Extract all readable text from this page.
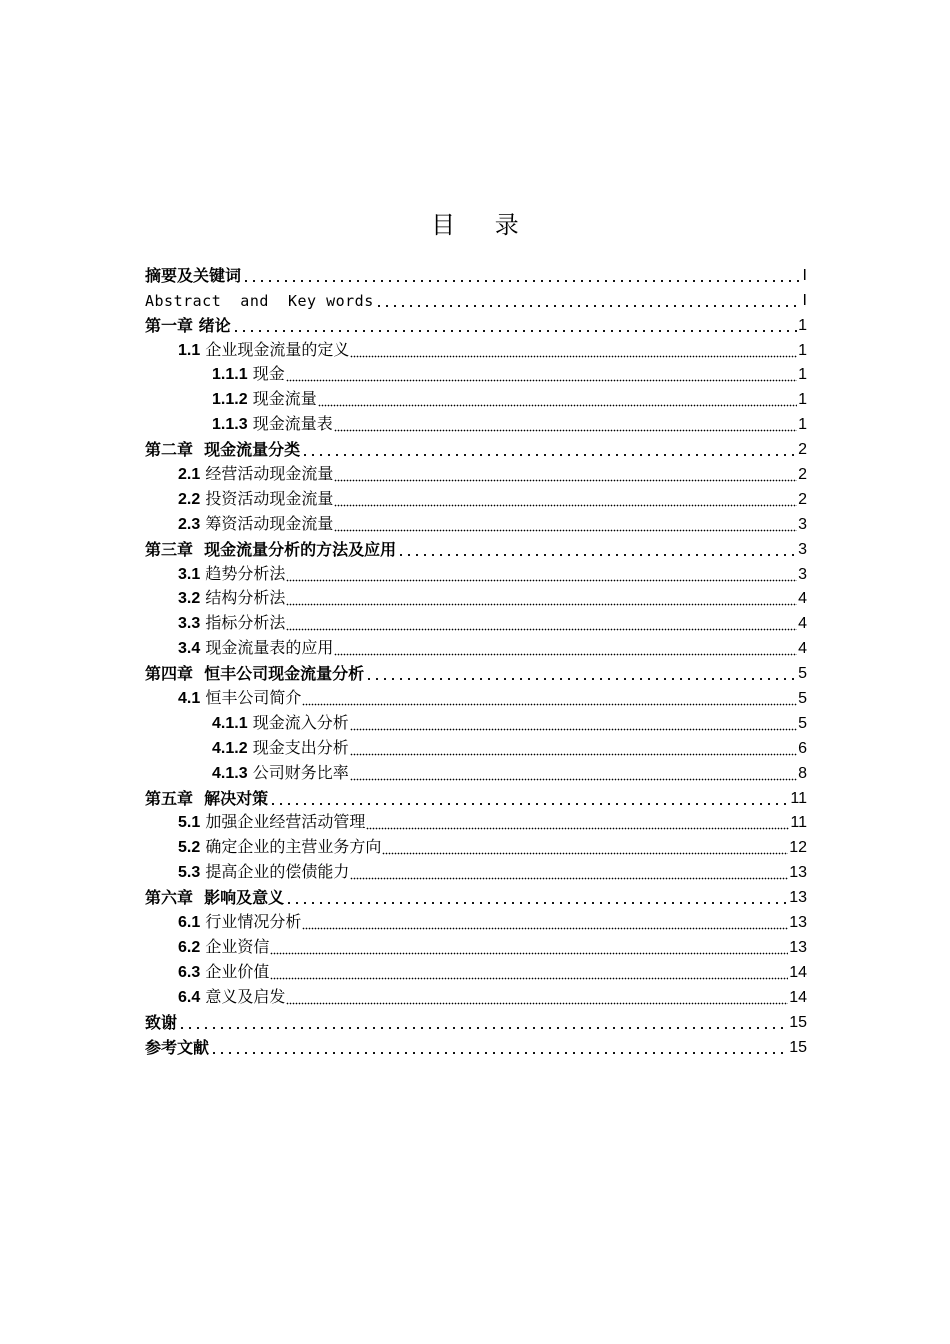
目 录
摘要及关键词	I
Abstract  and  Key words	I
第一章 绪论	1
1.1 企业现金流量的定义	1
1.1.1 现金	1
1.1.2 现金流量	1
1.1.3 现金流量表	1
第二章  现金流量分类	2
2.1 经营活动现金流量	2
2.2 投资活动现金流量	2
2.3 筹资活动现金流量	3
第三章  现金流量分析的方法及应用	3
3.1 趋势分析法	3
3.2 结构分析法	4
3.3 指标分析法	4
3.4 现金流量表的应用	4
第四章  恒丰公司现金流量分析	5
4.1 恒丰公司简介	5
4.1.1 现金流入分析	5
4.1.2 现金支出分析	6
4.1.3 公司财务比率	8
第五章  解决对策	11
5.1 加强企业经营活动管理	11
5.2 确定企业的主营业务方向	12
5.3 提高企业的偿债能力	13
第六章  影响及意义	13
6.1 行业情况分析	13
6.2 企业资信	13
6.3 企业价值	14
6.4 意义及启发	14
致谢	15
参考文献	15
